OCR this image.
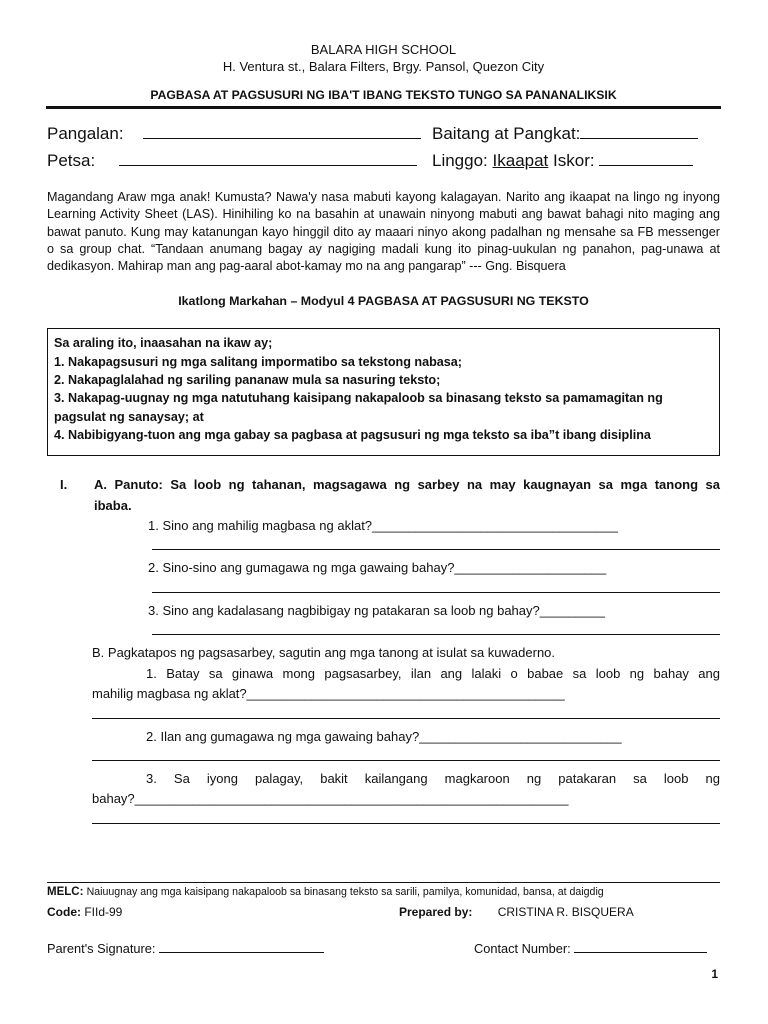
BALARA HIGH SCHOOL
H. Ventura st., Balara Filters, Brgy. Pansol, Quezon City
PAGBASA AT PAGSUSURI NG IBA'T IBANG TEKSTO TUNGO SA PANANALIKSIK
Pangalan:	Baitang at Pangkat:
Petsa:	Linggo: Ikaapat Iskor:
Magandang Araw mga anak! Kumusta? Nawa'y nasa mabuti kayong kalagayan. Narito ang ikaapat na lingo ng inyong Learning Activity Sheet (LAS). Hinihiling ko na basahin at unawain ninyong mabuti ang bawat bahagi nito maging ang bawat panuto. Kung may katanungan kayo hinggil dito ay maaari ninyo akong padalhan ng mensahe sa FB messenger o sa group chat. “Tandaan anumang bagay ay nagiging madali kung ito pinag-uukulan ng panahon, pag-unawa at dedikasyon. Mahirap man ang pag-aaral abot-kamay mo na ang pangarap” --- Gng. Bisquera
Ikatlong Markahan – Modyul 4 PAGBASA AT PAGSUSURI NG TEKSTO

Sa araling ito, inaasahan na ikaw ay;

1. Nakapagsusuri ng mga salitang impormatibo sa tekstong nabasa;

2. Nakapaglalahad ng sariling pananaw mula sa nasuring teksto;

3. Nakapag-uugnay ng mga natutuhang kaisipang nakapaloob sa binasang teksto sa pamamagitan ng pagsulat ng sanaysay; at

4. Nabibigyang-tuon ang mga gabay sa pagbasa at pagsusuri ng mga teksto sa iba”t ibang disiplina

I.	A. Panuto: Sa loob ng tahanan, magsagawa ng sarbey na may kaugnayan sa mga tanong sa ibaba.
1. Sino ang mahilig magbasa ng aklat?__________________________________
2. Sino-sino ang gumagawa ng mga gawaing bahay?_____________________
3. Sino ang kadalasang nagbibigay ng patakaran sa loob ng bahay?_________
B. Pagkatapos ng pagsasarbey, sagutin ang mga tanong at isulat sa kuwaderno.
1. Batay sa ginawa mong pagsasarbey, ilan ang lalaki o babae sa loob ng bahay ang
mahilig magbasa ng aklat?____________________________________________
2. Ilan ang gumagawa ng mga gawaing bahay?____________________________
3. Sa iyong palagay, bakit kailangang magkaroon ng patakaran sa loob ng
bahay?____________________________________________________________
MELC: Naiuugnay ang mga kaisipang nakapaloob sa binasang teksto sa sarili, pamilya, komunidad, bansa, at daigdig
Code: FIId-99	Prepared by: CRISTINA R. BISQUERA
Parent's Signature:	Contact Number:
1
